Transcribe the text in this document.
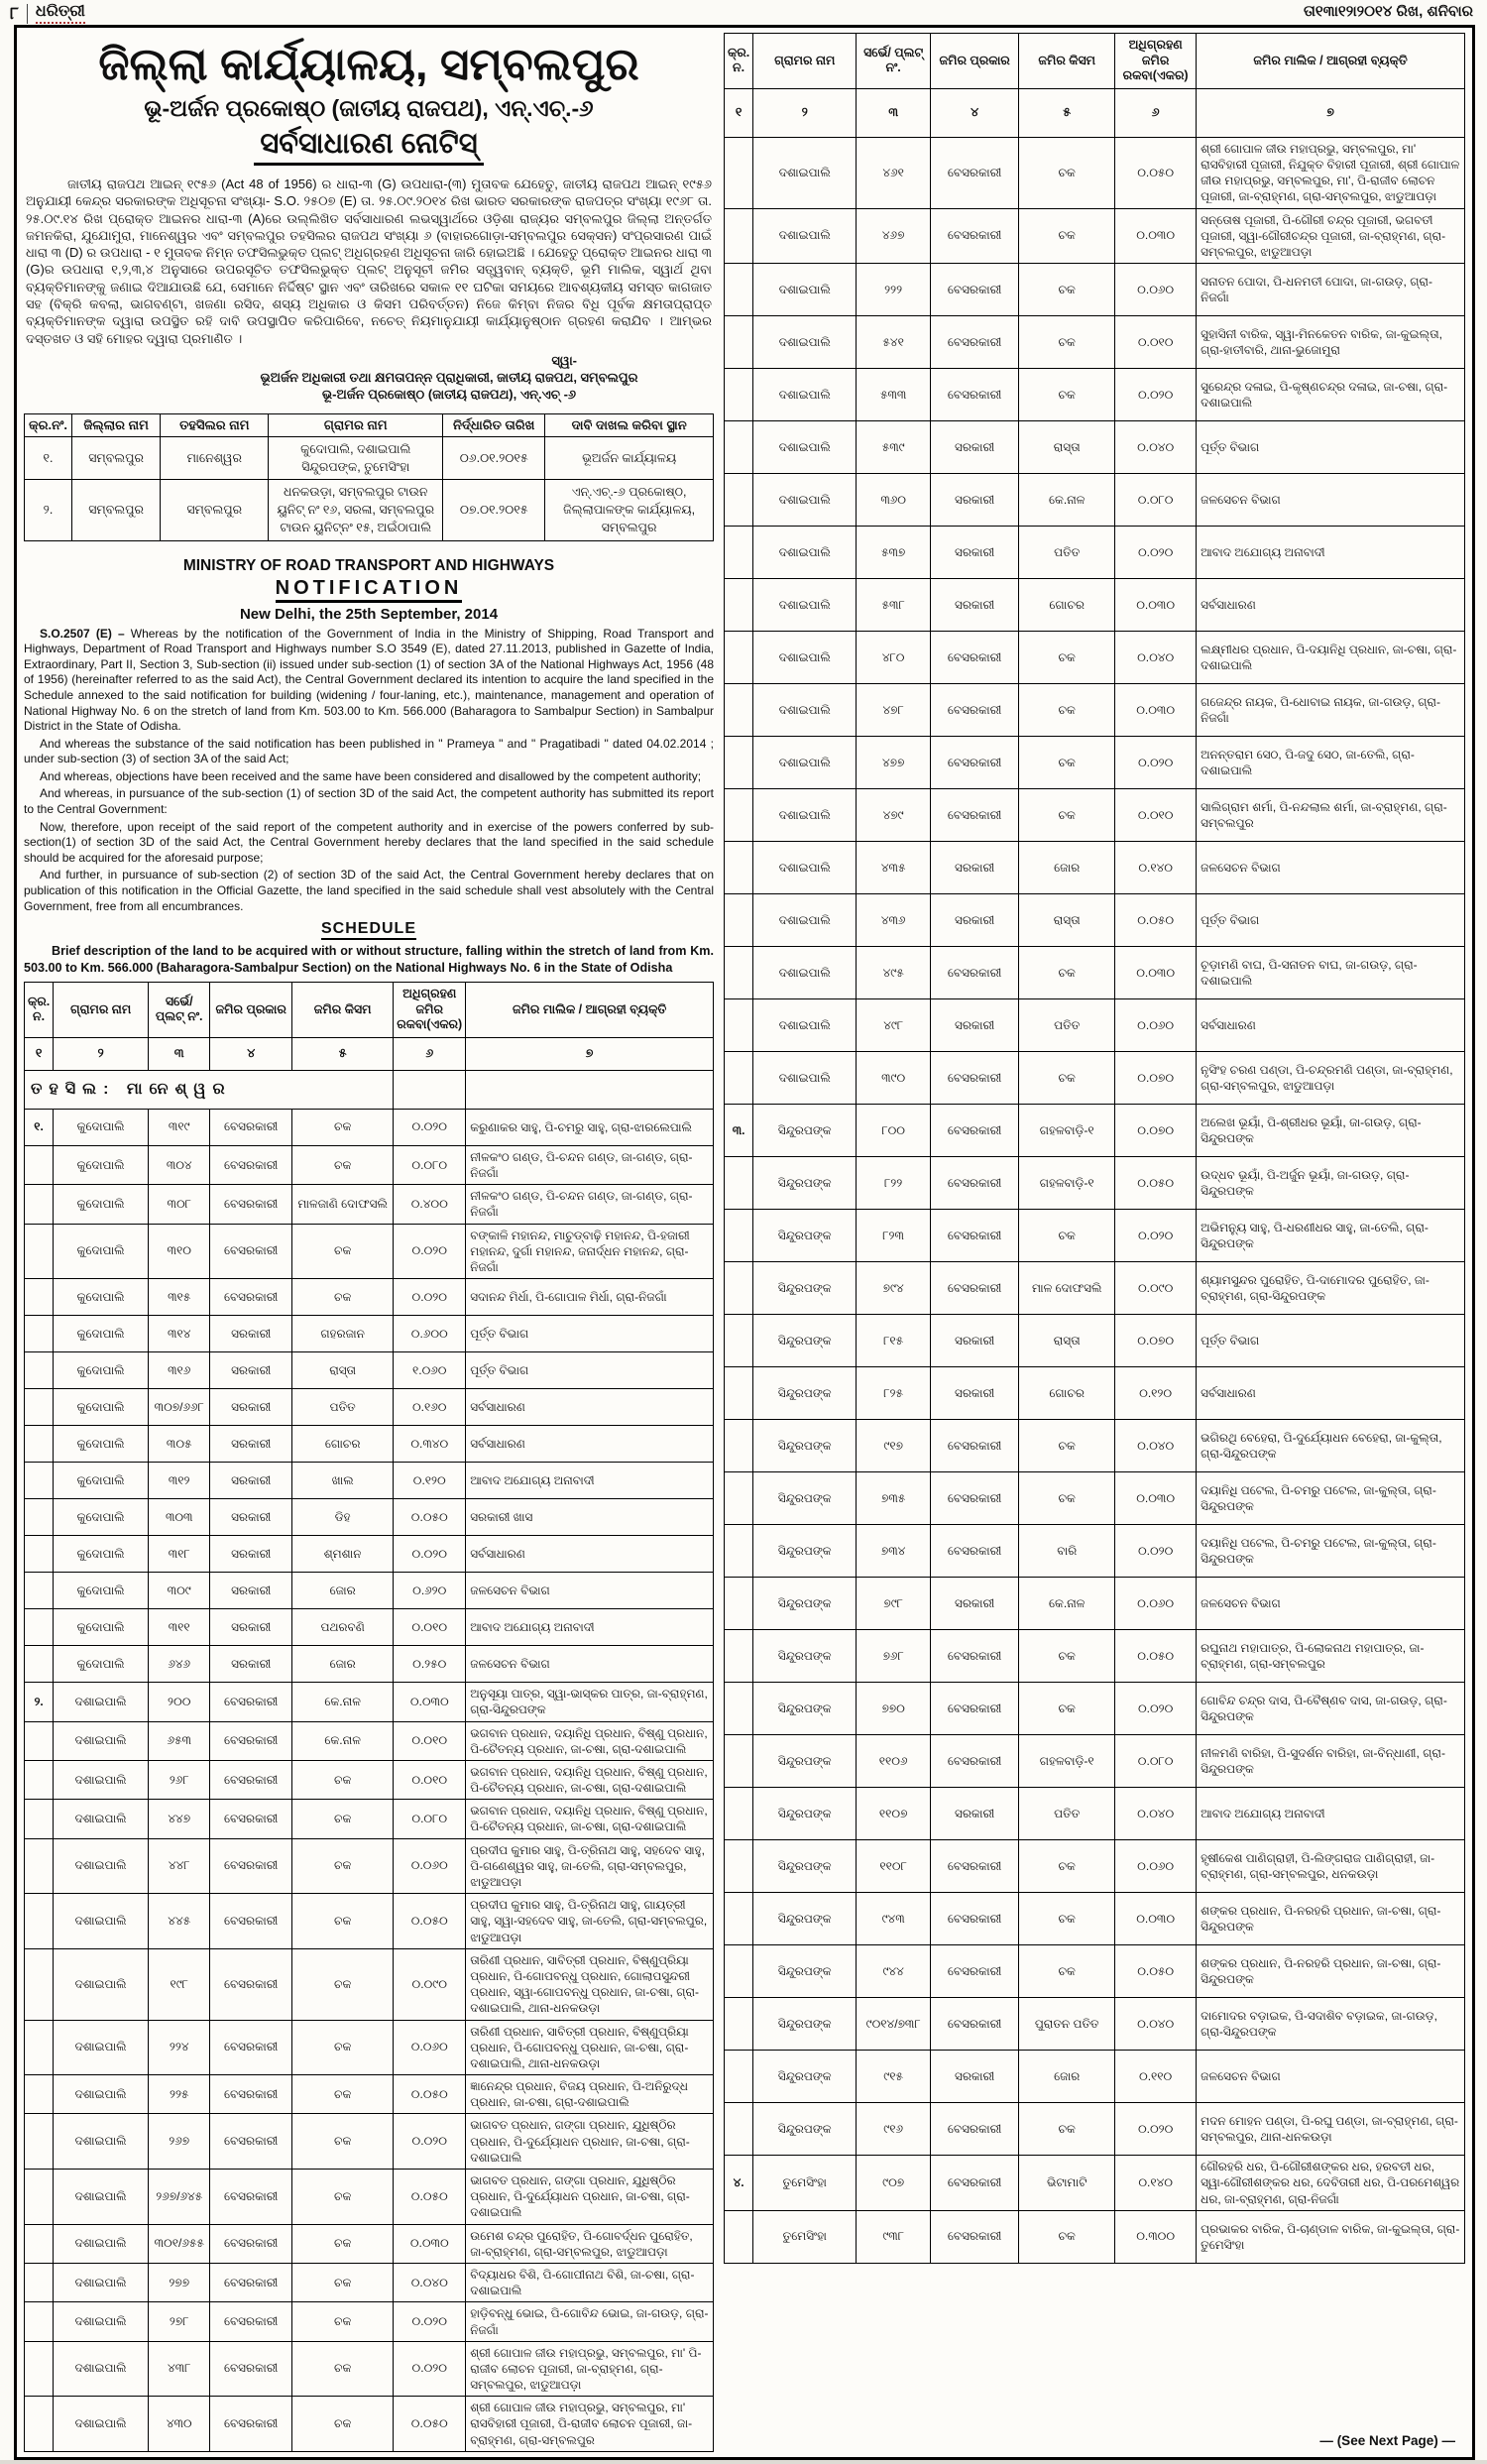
୮	ଧରିତ୍ରୀ	ତା୧୩ା୧୨ା୨୦୧୪ ରିଖ, ଶନିବାର
ଜିଲ୍ଲା କାର୍ଯ୍ୟାଳୟ, ସମ୍ବଲପୁର
ଭୂ-ଅର୍ଜନ ପ୍ରକୋଷ୍ଠ (ଜାତୀୟ ରାଜପଥ), ଏନ୍.ଏଚ୍.-୬
ସର୍ବସାଧାରଣ ନୋଟିସ୍
ଜାତୀୟ ରାଜପଥ ଆଇନ୍ ୧୯୫୬ (Act 48 of 1956) ର ଧାରା-୩ (G) ଉପଧାରା-(୩) ମୁତାବକ ଯେହେତୁ, ଜାତୀୟ ରାଜପଥ ଆଇନ୍ ୧୯୫୬ ଅନୁଯାୟୀ କେନ୍ଦ୍ର ସରକାରଙ୍କ ଅଧିସୂଚନା ସଂଖ୍ୟା- S.O. ୨୫୦୭ (E) ତା. ୨୫.୦୯.୨୦୧୪ ରିଖ ଭାରତ ସରକାରଙ୍କ ରାଜପତ୍ର ସଂଖ୍ୟା ୧୯୬୮ ତା. ୨୫.୦୯.୧୪ ରିଖ ପ୍ରୋକ୍ତ ଆଇନର ଧାରା-୩ (A)ରେ ଉଲ୍ଲିଖିତ ସର୍ବସାଧାରଣ ଲଭସ୍ୱାର୍ଥରେ ଓଡ଼ିଶା ରାଜ୍ୟର ସମ୍ବଲପୁର ଜିଲ୍ଲା ଅନ୍ତର୍ଗତ ଜମନକିରା, ଯୁଯୋମୁରା, ମାନେଶ୍ୱର ଏବଂ ସମ୍ବଲପୁର ତହସିଲର ରାଜପଥ ସଂଖ୍ୟା ୬ (ବାହାରଗୋଡ଼ା-ସମ୍ବଲପୁର ସେକ୍ସନ) ସଂପ୍ରସାରଣ ପାଇଁ ଧାରା ୩ (D) ର ଉପଧାରା - ୧ ମୁତାବକ ନିମ୍ନ ତଫସିଲଭୁକ୍ତ ପ୍ଲଟ୍ ଅଧିଗ୍ରହଣ ଅଧିସୂଚନା ଜାରି ହୋଇଅଛି । ଯେହେତୁ ପ୍ରୋକ୍ତ ଆଇନର ଧାରା ୩ (G)ର ଉପଧାରା ୧,୨,୩,୪ ଅନୁସାରେ ଉପରସୂଚିତ ତଫସିଲଭୁକ୍ତ ପ୍ଲଟ୍ ଅନୁସୂଚୀ ଜମିର ସତ୍ତ୍ୱବାନ୍ ବ୍ୟକ୍ତି, ଭୂମି ମାଲିକ, ସ୍ୱାର୍ଥ ଥିବା ବ୍ୟକ୍ତିମାନଙ୍କୁ ଜଣାଇ ଦିଆଯାଉଛି ଯେ, ସେମାନେ ନିର୍ଦ୍ଦିଷ୍ଟ ସ୍ଥାନ ଏବଂ ତାରିଖରେ ସକାଳ ୧୧ ଘଟିକା ସମୟରେ ଆବଶ୍ୟକୀୟ ସମସ୍ତ କାଗଜାତ ସହ (ବିକ୍ରି କବଲା, ଭାଗବଣ୍ଟା, ଖଜଣା ରସିଦ, ଶସ୍ୟ ଅଧିକାର ଓ କିସମ ପରିବର୍ତ୍ତନ) ନିଜେ କିମ୍ବା ନିଜର ବିଧି ପୂର୍ବକ କ୍ଷମତାପ୍ରାପ୍ତ ବ୍ୟକ୍ତିମାନଙ୍କ ଦ୍ୱାରା ଉପସ୍ଥିତ ରହି ଦାବି ଉପସ୍ଥାପିତ କରିପାରିବେ, ନଚେତ୍ ନିୟମାନୁଯାୟୀ କାର୍ଯ୍ୟାନୁଷ୍ଠାନ ଗ୍ରହଣ କରାଯିବ । ଆମ୍ଭର ଦସ୍ତଖତ ଓ ସହି ମୋହର ଦ୍ୱାରା ପ୍ରମାଣିତ ।
ସ୍ୱା-
ଭୂଅର୍ଜନ ଅଧିକାରୀ ତଥା କ୍ଷମତାପନ୍ନ ପ୍ରାଧିକାରୀ, ଜାତୀୟ ରାଜପଥ, ସମ୍ବଲପୁର
ଭୂ-ଅର୍ଜନ ପ୍ରକୋଷ୍ଠ (ଜାତୀୟ ରାଜପଥ), ଏନ୍.ଏଚ୍ -୬
କ୍ର.ନଂ.	ଜିଲ୍ଲାର ନାମ	ତହସିଲର ନାମ	ଗ୍ରାମର ନାମ	ନିର୍ଦ୍ଧାରିତ ତାରିଖ	ଦାବି ଦାଖଲ କରିବା ସ୍ଥାନ
୧.	ସମ୍ବଲପୁର	ମାନେଶ୍ୱର	କୁଦୋପାଲି, ଦଶାଇପାଲି ସିନ୍ଦୁରପଙ୍କ, ତୁମେସିଂହା	୦୬.୦୧.୨୦୧୫	ଭୂଅର୍ଜନ କାର୍ଯ୍ୟାଳୟ
୨.	ସମ୍ବଲପୁର	ସମ୍ବଲପୁର	ଧନକଉଡ଼ା, ସମ୍ବଲପୁର ଟାଉନ ୟୁନିଟ୍ ନଂ ୧୬, ସରଳା, ସମ୍ବଲପୁର ଟାଉନ ୟୁନିଟ୍ନଂ ୧୫, ଅଇଁଠାପାଲି	୦୭.୦୧.୨୦୧୫	ଏନ୍.ଏଚ୍.-୬ ପ୍ରକୋଷ୍ଠ, ଜିଲ୍ଲାପାଳଙ୍କ କାର୍ଯ୍ୟାଳୟ, ସମ୍ବଲପୁର
MINISTRY OF ROAD TRANSPORT AND HIGHWAYS
NOTIFICATION
New Delhi, the 25th September, 2014

S.O.2507 (E) – Whereas by the notification of the Government of India in the Ministry of Shipping, Road Transport and Highways, Department of Road Transport and Highways number S.O 3549 (E), dated 27.11.2013, published in Gazette of India, Extraordinary, Part II, Section 3, Sub-section (ii) issued under sub-section (1) of section 3A of the National Highways Act, 1956 (48 of 1956) (hereinafter referred to as the said Act), the Central Government declared its intention to acquire the land specified in the Schedule annexed to the said notification for building (widening / four-laning, etc.), maintenance, management and operation of National Highway No. 6 on the stretch of land from Km. 503.00 to Km. 566.000 (Baharagora to Sambalpur Section) in Sambalpur District in the State of Odisha.

And whereas the substance of the said notification has been published in " Prameya " and " Pragatibadi " dated 04.02.2014 ; under sub-section (3) of section 3A of the said Act;

And whereas, objections have been received and the same have been considered and disallowed by the competent authority;

And whereas, in pursuance of the sub-section (1) of section 3D of the said Act, the competent authority has submitted its report to the Central Government:

Now, therefore, upon receipt of the said report of the competent authority and in exercise of the powers conferred by sub-section(1) of section 3D of the said Act, the Central Government hereby declares that the land specified in the said schedule should be acquired for the aforesaid purpose;

And further, in pursuance of sub-section (2) of section 3D of the said Act, the Central Government hereby declares that on publication of this notification in the Official Gazette, the land specified in the said schedule shall vest absolutely with the Central Government, free from all encumbrances.

SCHEDULE
Brief description of the land to be acquired with or without structure, falling within the stretch of land from Km. 503.00 to Km. 566.000 (Baharagora-Sambalpur Section) on the National Highways No. 6 in the State of Odisha
କ୍ର. ନ.	ଗ୍ରାମର ନାମ	ସର୍ଭେ/ ପ୍ଲଟ୍ ନଂ.	ଜମିର ପ୍ରକାର	ଜମିର କିସମ	ଅଧିଗ୍ରହଣ ଜମିର ରକବା(ଏକର)	ଜମିର ମାଲିକ / ଆଗ୍ରହୀ ବ୍ୟକ୍ତି
୧	୨	୩	୪	୫	୬	୭
ତହସିଲ: ମାନେଶ୍ୱର						
୧.	କୁଦୋପାଲି	୩୧୯	ବେସରକାରୀ	ଚକ	୦.୦୨୦	କରୁଣାକର ସାହୁ, ପି-ଚମରୁ ସାହୁ, ଗ୍ରା-ଝାରଲେପାଲି
	କୁଦୋପାଲି	୩୦୪	ବେସରକାରୀ	ଚକ	୦.୦୮୦	ନୀଳକଂଠ ଗଣ୍ଡ, ପି-ଚନ୍ଦନ ଗଣ୍ଡ, ଜା-ଗଣ୍ଡ, ଗ୍ରା-ନିଜଗାଁ
	କୁଦୋପାଲି	୩୦୮	ବେସରକାରୀ	ମାଳଜାଣି ଦୋଫସଲି	୦.୪୦୦	ନୀଳକଂଠ ଗଣ୍ଡ, ପି-ଚନ୍ଦନ ଗଣ୍ଡ, ଜା-ଗଣ୍ଡ, ଗ୍ରା-ନିଜଗାଁ
	କୁଦୋପାଲି	୩୧୦	ବେସରକାରୀ	ଚକ	୦.୦୨୦	ବଙ୍କାଳି ମହାନନ୍ଦ, ମାଚୁଡ୍ବାଢ଼ି ମହାନନ୍ଦ, ପି-ହଜାରୀ ମହାନନ୍ଦ, ଦୁର୍ଗା ମହାନନ୍ଦ, ଜନାର୍ଦ୍ଧନ ମହାନନ୍ଦ, ଗ୍ରା-ନିଜଗାଁ
	କୁଦୋପାଲି	୩୧୫	ବେସରକାରୀ	ଚକ	୦.୦୨୦	ସଦାନନ୍ଦ ମିର୍ଧା, ପି-ଗୋପାଳ ମିର୍ଧା, ଗ୍ରା-ନିଜଗାଁ
	କୁଦୋପାଲି	୩୧୪	ସରକାରୀ	ଗହରଜାନ	୦.୬୦୦	ପୂର୍ତ୍ତ ବିଭାଗ
	କୁଦୋପାଲି	୩୧୬	ସରକାରୀ	ରାସ୍ତା	୧.୦୬୦	ପୂର୍ତ୍ତ ବିଭାଗ
	କୁଦୋପାଲି	୩୦୭/୬୬୮	ସରକାରୀ	ପତିତ	୦.୧୬୦	ସର୍ବସାଧାରଣ
	କୁଦୋପାଲି	୩୦୫	ସରକାରୀ	ଗୋଚର	୦.୩୪୦	ସର୍ବସାଧାରଣ
	କୁଦୋପାଲି	୩୧୨	ସରକାରୀ	ଖାଲ	୦.୧୨୦	ଆବାଦ ଅଯୋଗ୍ୟ ଅନାବାଦୀ
	କୁଦୋପାଲି	୩୦୩	ସରକାରୀ	ଡିହ	୦.୦୫୦	ସରକାରୀ ଖାସ
	କୁଦୋପାଲି	୩୧୮	ସରକାରୀ	ଶ୍ମଶାନ	୦.୦୨୦	ସର୍ବସାଧାରଣ
	କୁଦୋପାଲି	୩୦୯	ସରକାରୀ	ଜୋର	୦.୬୨୦	ଜଳସେଚନ ବିଭାଗ
	କୁଦୋପାଲି	୩୧୧	ସରକାରୀ	ପଥରବଣି	୦.୦୧୦	ଆବାଦ ଅଯୋଗ୍ୟ ଅନାବାଦୀ
	କୁଦୋପାଲି	୬୪୬	ସରକାରୀ	ଜୋର	୦.୨୫୦	ଜଳସେଚନ ବିଭାଗ
୨.	ଦଶାଇପାଲି	୨୦୦	ବେସରକାରୀ	କେ.ନାଳ	୦.୦୩୦	ଅନୁସୂୟା ପାତ୍ର, ସ୍ୱା-ଭାସ୍କର ପାତ୍ର, ଜା-ବ୍ରାହ୍ମଣ, ଗ୍ରା-ସିନ୍ଦୁରପଙ୍କ
	ଦଶାଇପାଲି	୬୫୩	ବେସରକାରୀ	କେ.ନାଳ	୦.୦୧୦	ଭଗବାନ ପ୍ରଧାନ, ଦୟାନିଧି ପ୍ରଧାନ, ବିଷ୍ଣୁ ପ୍ରଧାନ, ପି-ଚୈତନ୍ୟ ପ୍ରଧାନ, ଜା-ଚଷା, ଗ୍ରା-ଦଶାଇପାଲି
	ଦଶାଇପାଲି	୨୬୮	ବେସରକାରୀ	ଚକ	୦.୦୧୦	ଭଗବାନ ପ୍ରଧାନ, ଦୟାନିଧି ପ୍ରଧାନ, ବିଷ୍ଣୁ ପ୍ରଧାନ, ପି-ଚୈତନ୍ୟ ପ୍ରଧାନ, ଜା-ଚଷା, ଗ୍ରା-ଦଶାଇପାଲି
	ଦଶାଇପାଲି	୪୪୭	ବେସରକାରୀ	ଚକ	୦.୦୮୦	ଭଗବାନ ପ୍ରଧାନ, ଦୟାନିଧି ପ୍ରଧାନ, ବିଷ୍ଣୁ ପ୍ରଧାନ, ପି-ଚୈତନ୍ୟ ପ୍ରଧାନ, ଜା-ଚଷା, ଗ୍ରା-ଦଶାଇପାଲି
	ଦଶାଇପାଲି	୪୪୮	ବେସରକାରୀ	ଚକ	୦.୦୬୦	ପ୍ରଦୀପ କୁମାର ସାହୁ, ପି-ତ୍ରିନାଥ ସାହୁ, ସହଦେବ ସାହୁ, ପି-ଗଣେଶ୍ୱର ସାହୁ, ଜା-ତେଲି, ଗ୍ରା-ସମ୍ବଲପୁର, ଝାଡୁଆପଡ଼ା
	ଦଶାଇପାଲି	୪୪୫	ବେସରକାରୀ	ଚକ	୦.୦୫୦	ପ୍ରଦୀପ କୁମାର ସାହୁ, ପି-ତ୍ରିନାଥ ସାହୁ, ଗାୟତ୍ରୀ ସାହୁ, ସ୍ୱା-ସହଦେବ ସାହୁ, ଜା-ତେଲି, ଗ୍ରା-ସମ୍ବଲପୁର, ଝାଡୁଆପଡ଼ା
	ଦଶାଇପାଲି	୧୯୮	ବେସରକାରୀ	ଚକ	୦.୦୯୦	ତାରିଣୀ ପ୍ରଧାନ, ସାବିତ୍ରୀ ପ୍ରଧାନ, ବିଷ୍ଣୁପ୍ରିୟା ପ୍ରଧାନ, ପି-ଗୋପବନ୍ଧୁ ପ୍ରଧାନ, ଗୋଲାପସୁନ୍ଦରୀ ପ୍ରଧାନ, ସ୍ୱା-ଗୋପବନ୍ଧୁ ପ୍ରଧାନ, ଜା-ଚଷା, ଗ୍ରା-ଦଶାଇପାଲି, ଥାନା-ଧନକଉଡ଼ା
	ଦଶାଇପାଲି	୨୨୪	ବେସରକାରୀ	ଚକ	୦.୦୬୦	ତାରିଣୀ ପ୍ରଧାନ, ସାବିତ୍ରୀ ପ୍ରଧାନ, ବିଷ୍ଣୁପ୍ରିୟା ପ୍ରଧାନ, ପି-ଗୋପବନ୍ଧୁ ପ୍ରଧାନ, ଜା-ଚଷା, ଗ୍ରା-ଦଶାଇପାଲି, ଥାନା-ଧନକଉଡ଼ା
	ଦଶାଇପାଲି	୨୨୫	ବେସରକାରୀ	ଚକ	୦.୦୫୦	ଜ୍ଞାନେନ୍ଦ୍ର ପ୍ରଧାନ, ବିଜୟ ପ୍ରଧାନ, ପି-ଅନିରୁଦ୍ଧ ପ୍ରଧାନ, ଜା-ଚଷା, ଗ୍ରା-ଦଶାଇପାଲି
	ଦଶାଇପାଲି	୨୬୭	ବେସରକାରୀ	ଚକ	୦.୦୨୦	ଭାଗବତ ପ୍ରଧାନ, ଗଙ୍ଗା ପ୍ରଧାନ, ଯୁଧିଷ୍ଠିର ପ୍ରଧାନ, ପି-ଦୁର୍ଯ୍ୟୋଧନ ପ୍ରଧାନ, ଜା-ଚଷା, ଗ୍ରା-ଦଶାଇପାଲି
	ଦଶାଇପାଲି	୨୬୭/୬୪୫	ବେସରକାରୀ	ଚକ	୦.୦୫୦	ଭାଗବତ ପ୍ରଧାନ, ଗଙ୍ଗା ପ୍ରଧାନ, ଯୁଧିଷ୍ଠିର ପ୍ରଧାନ, ପି-ଦୁର୍ଯ୍ୟୋଧନ ପ୍ରଧାନ, ଜା-ଚଷା, ଗ୍ରା-ଦଶାଇପାଲି
	ଦଶାଇପାଲି	୩୦୧/୬୫୫	ବେସରକାରୀ	ଚକ	୦.୦୩୦	ଉମେଶ ଚନ୍ଦ୍ର ପୁରୋହିତ, ପି-ଗୋବର୍ଦ୍ଧନ ପୁରୋହିତ, ଜା-ବ୍ରାହ୍ମଣ, ଗ୍ରା-ସମ୍ବଲପୁର, ଝାଡୁଆପଡ଼ା
	ଦଶାଇପାଲି	୨୭୭	ବେସରକାରୀ	ଚକ	୦.୦୪୦	ବିଦ୍ୟାଧର ବିଶି, ପି-ଗୋପୀନାଥ ବିଶି, ଜା-ଚଷା, ଗ୍ରା-ଦଶାଇପାଲି
	ଦଶାଇପାଲି	୨୭୮	ବେସରକାରୀ	ଚକ	୦.୦୨୦	ହାଡ଼ିବନ୍ଧୁ ଭୋଇ, ପି-ଗୋବିନ୍ଦ ଭୋଇ, ଜା-ଗଉଡ଼, ଗ୍ରା-ନିଜଗାଁ
	ଦଶାଇପାଲି	୪୩୮	ବେସରକାରୀ	ଚକ	୦.୦୨୦	ଶ୍ରୀ ଗୋପାଳ ଜୀଉ ମହାପ୍ରଭୁ, ସମ୍ବଲପୁର, ମା' ପି-ରାଜୀବ ଲୋଚନ ପୂଜାରୀ, ଜା-ବ୍ରାହ୍ମଣ, ଗ୍ରା-ସମ୍ବଲପୁର, ଝାଡୁଆପଡ଼ା
	ଦଶାଇପାଲି	୪୩୦	ବେସରକାରୀ	ଚକ	୦.୦୫୦	ଶ୍ରୀ ଗୋପାଳ ଜୀଉ ମହାପ୍ରଭୁ, ସମ୍ବଲପୁର, ମା' ରାସବିହାରୀ ପୂଜାରୀ, ପି-ରାଜୀବ ଲୋଚନ ପୂଜାରୀ, ଜା-ବ୍ରାହ୍ମଣ, ଗ୍ରା-ସମ୍ବଲପୁର
କ୍ର. ନ.	ଗ୍ରାମର ନାମ	ସର୍ଭେ/ ପ୍ଲଟ୍ ନଂ.	ଜମିର ପ୍ରକାର	ଜମିର କିସମ	ଅଧିଗ୍ରହଣ ଜମିର ରକବା(ଏକର)	ଜମିର ମାଲିକ / ଆଗ୍ରହୀ ବ୍ୟକ୍ତି
୧	୨	୩	୪	୫	୬	୭
	ଦଶାଇପାଲି	୪୬୧	ବେସରକାରୀ	ଚକ	୦.୦୫୦	ଶ୍ରୀ ଗୋପାଳ ଜୀଉ ମହାପ୍ରଭୁ, ସମ୍ବଲପୁର, ମା' ରାସବିହାରୀ ପୂଜାରୀ, ନିଯୁକ୍ତ ବିହାରୀ ପୂଜାରୀ, ଶ୍ରୀ ଗୋପାଳ ଜୀଉ ମହାପ୍ରଭୁ, ସମ୍ବଲପୁର, ମା', ପି-ରାଜୀବ ଲୋଚନ ପୂଜାରୀ, ଜା-ବ୍ରାହ୍ମଣ, ଗ୍ରା-ସମ୍ବଲପୁର, ଝାଡୁଆପଡ଼ା
	ଦଶାଇପାଲି	୪୬୭	ବେସରକାରୀ	ଚକ	୦.୦୩୦	ସନ୍ତୋଷ ପୂଜାରୀ, ପି-ଗୌରୀ ଚନ୍ଦ୍ର ପୂଜାରୀ, ଭଗବତୀ ପୂଜାରୀ, ସ୍ୱା-ଗୌରୀଚନ୍ଦ୍ର ପୂଜାରୀ, ଜା-ବ୍ରାହ୍ମଣ, ଗ୍ରା-ସମ୍ବଲପୁର, ଝାଡୁଆପଡ଼ା
	ଦଶାଇପାଲି	୨୨୨	ବେସରକାରୀ	ଚକ	୦.୦୬୦	ସନାତନ ପୋଦା, ପି-ଧନମତୀ ପୋଦା, ଜା-ଗଉଡ଼, ଗ୍ରା-ନିଜଗାଁ
	ଦଶାଇପାଲି	୫୪୧	ବେସରକାରୀ	ଚକ	୦.୦୧୦	ସୁହାସିନୀ ବାରିକ, ସ୍ୱା-ମିନକେତନ ବାରିକ, ଜା-କୁଇଲ୍ତା, ଗ୍ରା-ହାତୀବାରି, ଥାନା-ଭୁଜୋମୁରା
	ଦଶାଇପାଲି	୫୩୩	ବେସରକାରୀ	ଚକ	୦.୦୨୦	ସୁରେନ୍ଦ୍ର ଦଳାଇ, ପି-କୃଷ୍ଣଚନ୍ଦ୍ର ଦଳାଇ, ଜା-ଚଷା, ଗ୍ରା-ଦଶାଇପାଲି
	ଦଶାଇପାଲି	୫୩୯	ସରକାରୀ	ରାସ୍ତା	୦.୦୪୦	ପୂର୍ତ୍ତ ବିଭାଗ
	ଦଶାଇପାଲି	୩୬୦	ସରକାରୀ	କେ.ନାଳ	୦.୦୮୦	ଜଳସେଚନ ବିଭାଗ
	ଦଶାଇପାଲି	୫୩୭	ସରକାରୀ	ପତିତ	୦.୦୨୦	ଆବାଦ ଅଯୋଗ୍ୟ ଅନାବାଦୀ
	ଦଶାଇପାଲି	୫୩୮	ସରକାରୀ	ଗୋଚର	୦.୦୩୦	ସର୍ବସାଧାରଣ
	ଦଶାଇପାଲି	୪୮୦	ବେସରକାରୀ	ଚକ	୦.୦୪୦	ଲକ୍ଷ୍ମୀଧର ପ୍ରଧାନ, ପି-ଦୟାନିଧି ପ୍ରଧାନ, ଜା-ଚଷା, ଗ୍ରା-ଦଶାଇପାଲି
	ଦଶାଇପାଲି	୪୭୮	ବେସରକାରୀ	ଚକ	୦.୦୩୦	ଗଜେନ୍ଦ୍ର ନାୟକ, ପି-ଧୋବାଇ ନାୟକ, ଜା-ଗଉଡ଼, ଗ୍ରା-ନିଜଗାଁ
	ଦଶାଇପାଲି	୪୭୭	ବେସରକାରୀ	ଚକ	୦.୦୨୦	ଅନନ୍ତରାମ ସେଠ, ପି-ଜଦୁ ସେଠ, ଜା-ତେଲି, ଗ୍ରା-ଦଶାଇପାଲି
	ଦଶାଇପାଲି	୪୭୯	ବେସରକାରୀ	ଚକ	୦.୦୧୦	ସାଲିଗ୍ରାମ ଶର୍ମା, ପି-ନନ୍ଦଲାଲ ଶର୍ମା, ଜା-ବ୍ରାହ୍ମଣ, ଗ୍ରା-ସମ୍ବଲପୁର
	ଦଶାଇପାଲି	୪୩୫	ସରକାରୀ	ଜୋର	୦.୧୪୦	ଜଳସେଚନ ବିଭାଗ
	ଦଶାଇପାଲି	୪୩୬	ସରକାରୀ	ରାସ୍ତା	୦.୦୫୦	ପୂର୍ତ୍ତ ବିଭାଗ
	ଦଶାଇପାଲି	୪୯୫	ବେସରକାରୀ	ଚକ	୦.୦୩୦	ଚୂଡ଼ାମଣି ବାଘ, ପି-ସନାତନ ବାଘ, ଜା-ଗଉଡ଼, ଗ୍ରା-ଦଶାଇପାଲି
	ଦଶାଇପାଲି	୪୯୮	ସରକାରୀ	ପତିତ	୦.୦୬୦	ସର୍ବସାଧାରଣ
	ଦଶାଇପାଲି	୩୯୦	ବେସରକାରୀ	ଚକ	୦.୦୭୦	ନୃସିଂହ ଚରଣ ପଣ୍ଡା, ପି-ଚନ୍ଦ୍ରମଣି ପଣ୍ଡା, ଜା-ବ୍ରାହ୍ମଣ, ଗ୍ରା-ସମ୍ବଲପୁର, ଝାଡୁଆପଡ଼ା
୩.	ସିନ୍ଦୁରପଙ୍କ	୮୦୦	ବେସରକାରୀ	ଗହଳବାଡ଼ି-୧	୦.୦୭୦	ଅଲେଖ ଭୂୟାଁ, ପି-ଶ୍ରୀଧର ଭୂୟାଁ, ଜା-ଗଉଡ଼, ଗ୍ରା-ସିନ୍ଦୁରପଙ୍କ
	ସିନ୍ଦୁରପଙ୍କ	୮୨୨	ବେସରକାରୀ	ଗହଳବାଡ଼ି-୧	୦.୦୫୦	ଉଦ୍ଧବ ଭୂୟାଁ, ପି-ଅର୍ଜୁନ ଭୂୟାଁ, ଜା-ଗଉଡ଼, ଗ୍ରା-ସିନ୍ଦୁରପଙ୍କ
	ସିନ୍ଦୁରପଙ୍କ	୮୨୩	ବେସରକାରୀ	ଚକ	୦.୦୨୦	ଅଭିମନ୍ୟୁ ସାହୁ, ପି-ଧରଣୀଧର ସାହୁ, ଜା-ତେଲି, ଗ୍ରା-ସିନ୍ଦୁରପଙ୍କ
	ସିନ୍ଦୁରପଙ୍କ	୭୯୪	ବେସରକାରୀ	ମାଳ ଦୋଫସଲି	୦.୦୯୦	ଶ୍ୟାମସୁନ୍ଦର ପୁରୋହିତ, ପି-ଦାମୋଦର ପୁରୋହିତ, ଜା-ବ୍ରାହ୍ମଣ, ଗ୍ରା-ସିନ୍ଦୁରପଙ୍କ
	ସିନ୍ଦୁରପଙ୍କ	୮୧୫	ସରକାରୀ	ରାସ୍ତା	୦.୦୭୦	ପୂର୍ତ୍ତ ବିଭାଗ
	ସିନ୍ଦୁରପଙ୍କ	୮୨୫	ସରକାରୀ	ଗୋଚର	୦.୧୨୦	ସର୍ବସାଧାରଣ
	ସିନ୍ଦୁରପଙ୍କ	୯୧୭	ବେସରକାରୀ	ଚକ	୦.୦୪୦	ଭଗିରଥି ବେହେରା, ପି-ଦୁର୍ଯ୍ୟୋଧନ ବେହେରା, ଜା-କୁଲ୍ତା, ଗ୍ରା-ସିନ୍ଦୁରପଙ୍କ
	ସିନ୍ଦୁରପଙ୍କ	୭୩୫	ବେସରକାରୀ	ଚକ	୦.୦୩୦	ଦୟାନିଧି ପଟେଲ, ପି-ଚମରୁ ପଟେଲ, ଜା-କୁଲ୍ତା, ଗ୍ରା-ସିନ୍ଦୁରପଙ୍କ
	ସିନ୍ଦୁରପଙ୍କ	୭୩୪	ବେସରକାରୀ	ବାରି	୦.୦୨୦	ଦୟାନିଧି ପଟେଲ, ପି-ଚମରୁ ପଟେଲ, ଜା-କୁଲ୍ତା, ଗ୍ରା-ସିନ୍ଦୁରପଙ୍କ
	ସିନ୍ଦୁରପଙ୍କ	୭୯୮	ସରକାରୀ	କେ.ନାଳ	୦.୦୬୦	ଜଳସେଚନ ବିଭାଗ
	ସିନ୍ଦୁରପଙ୍କ	୭୬୮	ବେସରକାରୀ	ଚକ	୦.୦୫୦	ରଘୁନାଥ ମହାପାତ୍ର, ପି-ଲୋକନାଥ ମହାପାତ୍ର, ଜା-ବ୍ରାହ୍ମଣ, ଗ୍ରା-ସମ୍ବଲପୁର
	ସିନ୍ଦୁରପଙ୍କ	୭୭୦	ବେସରକାରୀ	ଚକ	୦.୦୨୦	ଗୋବିନ୍ଦ ଚନ୍ଦ୍ର ଦାସ, ପି-ବୈଷ୍ଣବ ଦାସ, ଜା-ଗଉଡ଼, ଗ୍ରା-ସିନ୍ଦୁରପଙ୍କ
	ସିନ୍ଦୁରପଙ୍କ	୧୧୦୬	ବେସରକାରୀ	ଗହଳବାଡ଼ି-୧	୦.୦୮୦	ନୀଳମଣି ବାରିହା, ପି-ସୁଦର୍ଶନ ବାରିହା, ଜା-ବିନ୍ଧାଣୀ, ଗ୍ରା-ସିନ୍ଦୁରପଙ୍କ
	ସିନ୍ଦୁରପଙ୍କ	୧୧୦୭	ସରକାରୀ	ପତିତ	୦.୦୪୦	ଆବାଦ ଅଯୋଗ୍ୟ ଅନାବାଦୀ
	ସିନ୍ଦୁରପଙ୍କ	୧୧୦୮	ବେସରକାରୀ	ଚକ	୦.୦୬୦	ହୃଷୀକେଶ ପାଣିଗ୍ରାହୀ, ପି-ଲିଙ୍ଗରାଜ ପାଣିଗ୍ରାହୀ, ଜା-ବ୍ରାହ୍ମଣ, ଗ୍ରା-ସମ୍ବଲପୁର, ଧନକଉଡ଼ା
	ସିନ୍ଦୁରପଙ୍କ	୯୪୩	ବେସରକାରୀ	ଚକ	୦.୦୩୦	ଶଙ୍କର ପ୍ରଧାନ, ପି-ନରହରି ପ୍ରଧାନ, ଜା-ଚଷା, ଗ୍ରା-ସିନ୍ଦୁରପଙ୍କ
	ସିନ୍ଦୁରପଙ୍କ	୯୪୪	ବେସରକାରୀ	ଚକ	୦.୦୫୦	ଶଙ୍କର ପ୍ରଧାନ, ପି-ନରହରି ପ୍ରଧାନ, ଜା-ଚଷା, ଗ୍ରା-ସିନ୍ଦୁରପଙ୍କ
	ସିନ୍ଦୁରପଙ୍କ	୯୦୧୪/୭୩୮	ବେସରକାରୀ	ପୁରାତନ ପତିତ	୦.୦୪୦	ଦାମୋଦର ବଡ଼ାଇକ, ପି-ସଦାଶିବ ବଡ଼ାଇକ, ଜା-ଗଉଡ଼, ଗ୍ରା-ସିନ୍ଦୁରପଙ୍କ
	ସିନ୍ଦୁରପଙ୍କ	୯୧୫	ସରକାରୀ	ଜୋର	୦.୧୧୦	ଜଳସେଚନ ବିଭାଗ
	ସିନ୍ଦୁରପଙ୍କ	୯୧୬	ବେସରକାରୀ	ଚକ	୦.୦୨୦	ମଦନ ମୋହନ ପଣ୍ଡା, ପି-ରଘୁ ପଣ୍ଡା, ଜା-ବ୍ରାହ୍ମଣ, ଗ୍ରା-ସମ୍ବଲପୁର, ଥାନା-ଧନକଉଡ଼ା
୪.	ତୁମେସିଂହା	୯୦୭	ବେସରକାରୀ	ଭିଟାମାଟି	୦.୧୪୦	ଗୌରହରି ଧର, ପି-ଗୌରୀଶଙ୍କର ଧର, ହରବତୀ ଧର, ସ୍ୱା-ଗୌରୀଶଙ୍କର ଧର, ଦେବିତାରୀ ଧର, ପି-ପରମେଶ୍ୱର ଧର, ଜା-ବ୍ରାହ୍ମଣ, ଗ୍ରା-ନିଜଗାଁ
	ତୁମେସିଂହା	୯୩୮	ବେସରକାରୀ	ଚକ	୦.୩୦୦	ପ୍ରଭାକର ବାରିକ, ପି-ଚାଣ୍ଡାଳ ବାରିକ, ଜା-କୁଇଲ୍ତା, ଗ୍ରା-ତୁମେସିଂହା
— (See Next Page) —
